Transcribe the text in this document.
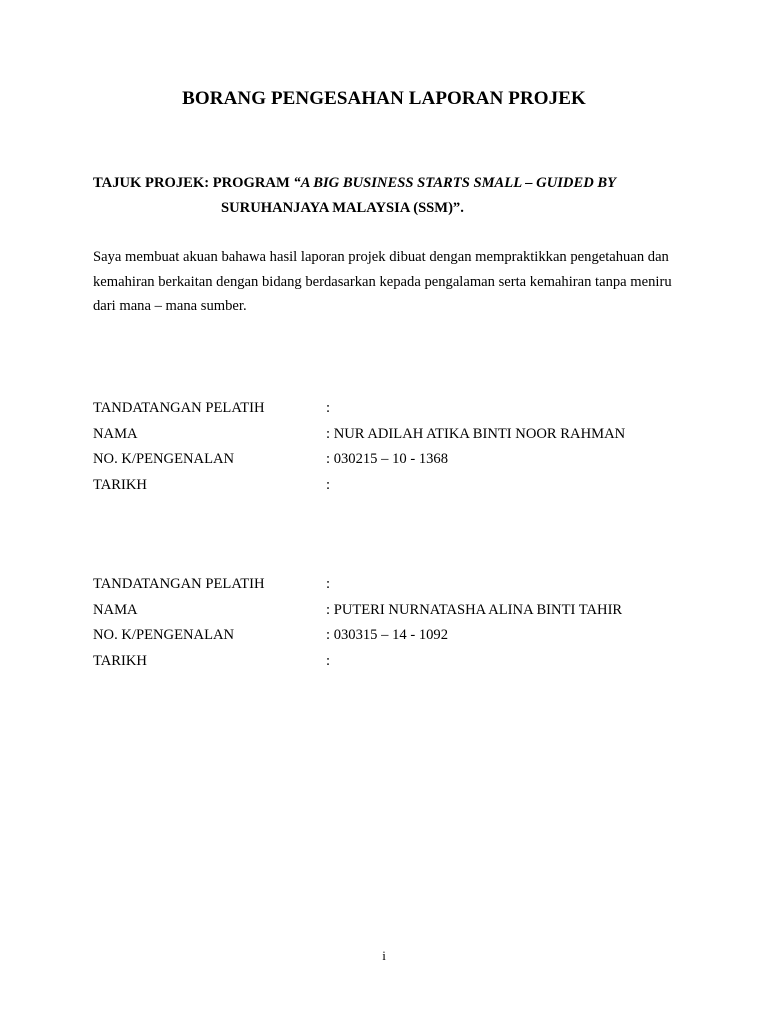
BORANG PENGESAHAN LAPORAN PROJEK
TAJUK PROJEK: PROGRAM “A BIG BUSINESS STARTS SMALL – GUIDED BY
SURUHANJAYA MALAYSIA (SSM)”.
Saya membuat akuan bahawa hasil laporan projek dibuat dengan mempraktikkan pengetahuan dan kemahiran berkaitan dengan bidang berdasarkan kepada pengalaman serta kemahiran tanpa meniru dari mana – mana sumber.
TANDATANGAN PELATIH	:
NAMA	: NUR ADILAH ATIKA BINTI NOOR RAHMAN
NO. K/PENGENALAN	: 030215 – 10 - 1368
TARIKH	:
TANDATANGAN PELATIH	:
NAMA	: PUTERI NURNATASHA ALINA BINTI TAHIR
NO. K/PENGENALAN	: 030315 – 14 - 1092
TARIKH	:
i
